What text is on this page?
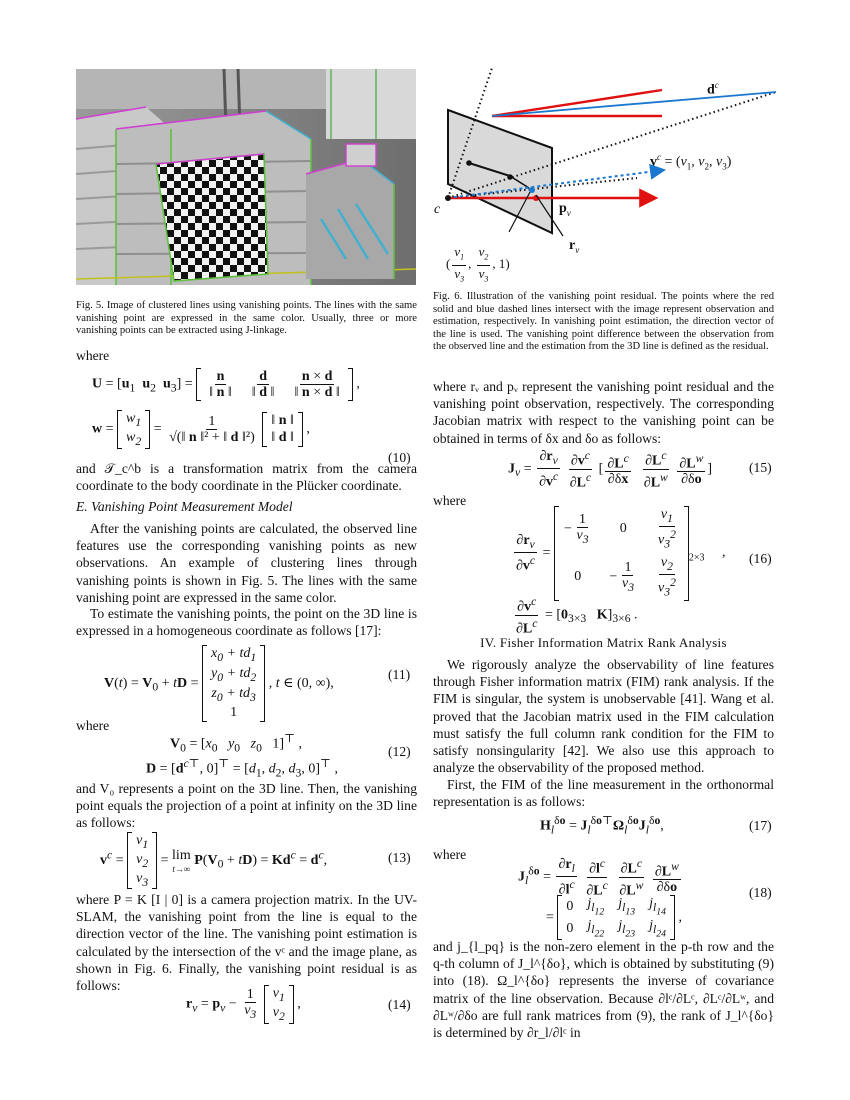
Fig. 5. Image of clustered lines using vanishing points. The lines with the same vanishing point are expressed in the same color. Usually, three or more vanishing points can be extracted using J-linkage.

$d^c$
$v^c = (v_1$, $v_2$, $v_3$)
c	$p_v$
$r_v$
( $\frac{v_1}{v_3}$ , $\frac{v_2}{v_3}$ , 1)

Fig. 6. Illustration of the vanishing point residual. The points where the red solid and blue dashed lines intersect with the image represent observation and estimation, respectively. In vanishing point estimation, the direction vector of the line is used. The vanishing point difference between the observation from the observed line and the estimation from the 3D line is defined as the residual.

where

$U = [u_1$ $u_2$ $u_3] = \frac{n}{‖ n ‖} \frac{d}{‖ d ‖} \frac{n \times d}{‖ n \times d ‖}$ ,
w =
$w_1$
$w_2$
= $\frac{1}{\text{√(‖ n ‖² + ‖ d ‖²)}}$
‖ n ‖
‖ d ‖
,
(10)

and 𝒯_c^b is a transformation matrix from the camera coordinate to the body coordinate in the Plücker coordinate.

E. Vanishing Point Measurement Model

After the vanishing points are calculated, the observed line features use the corresponding vanishing points as new observations. An example of clustering lines through vanishing points is shown in Fig. 5. The lines with the same vanishing point are expressed in the same color.

To estimate the vanishing points, the point on the 3D line is expressed in a homogeneous coordinate as follows [17]:

$V(t) = V_0$ + tD =
$x_0 + td_1$
$y_0 + td_2$
$z_0 + td_3$
1
, t ∈ (0, ∞),
(11)

where

$V_0 = [x_0$ $y_0$ $z_0$   1]⊤ ,
$D = [d^{c⊤}$, $0]^⊤ = [d_1$, $d_2$, $d_3$, 0]⊤ ,
(12)

and V₀ represents a point on the 3D line. Then, the vanishing point equals the projection of a point at infinity on the 3D line as follows:

$v^c$ =
$v_1$
$v_2$
$v_3$
= lim
t→∞
$P(V_0 + tD) = Kd^c = d^c$,	(13)

where P = K [I | 0] is a camera projection matrix. In the UV-SLAM, the vanishing point from the line is equal to the direction vector of the line. The vanishing point estimation is calculated by the intersection of the vᶜ and the image plane, as shown in Fig. 6. Finally, the vanishing point residual is as follows:

$r_v = p_v - \frac{1}{v_3}$
$v_1$
$v_2$
,	(14)

where rᵥ and pᵥ represent the vanishing point residual and the vanishing point observation, respectively. The corresponding Jacobian matrix with respect to the vanishing point can be obtained in terms of δx and δo as follows:

$J_v = \frac{\partial r_v}{\partial v^c}$
$\frac{\partial v^c}{\partial L^c}$ [ $\frac{\partial L^c}{\partial\delta x}$
$\frac{\partial L^c}{\partial L^w}$
$\frac{\partial L^w}{\partial\delta o}$ ]	(15)

where

$\frac{\partial r_v}{\partial v^c}$ =
− $\frac{1}{v_3} 0 \frac{v_1}{v_3^2}$
$0 - \frac{1}{v_3} \frac{v_2}{v_3^2} _{2\times 3}$ ,
$\frac{\partial v^c}{\partial L^c} = [0_{3\times 3}$ $K]_{3\times 6}$ .
(16)

IV. Fisher Information Matrix Rank Analysis

We rigorously analyze the observability of line features through Fisher information matrix (FIM) rank analysis. If the FIM is singular, the system is unobservable [41]. Wang et al. proved that the Jacobian matrix used in the FIM calculation must satisfy the full column rank condition for the FIM to satisfy nonsingularity [42]. We also use this approach to analyze the observability of the proposed method.

First, the FIM of the line measurement in the orthonormal representation is as follows:

$H_l^{\delta o} = J_l^{\delta o⊤}\Omega_l^{\delta o}J_l^{\delta o}$,	(17)

where

$J_l^{\delta o} = \frac{\partial r_l}{\partial l^c}$
$\frac{\partial l^c}{\partial L^c}$
$\frac{\partial L^c}{\partial L^w}$
$\frac{\partial L^w}{\partial\delta o}$
=
0 $j_{l_{12}}$
$j_{l_{13}}$
$j_{l_{14}}$
0 $j_{l_{22}}$
$j_{l_{23}}$
$j_{l_{24}}$
,
(18)

and j_{l_pq} is the non-zero element in the p-th row and the q-th column of J_l^{δo}, which is obtained by substituting (9) into (18). Ω_l^{δo} represents the inverse of covariance matrix of the line observation. Because ∂lᶜ/∂Lᶜ, ∂Lᶜ/∂Lʷ, and ∂Lʷ/∂δo are full rank matrices from (9), the rank of J_l^{δo} is determined by ∂r_l/∂lᶜ in
